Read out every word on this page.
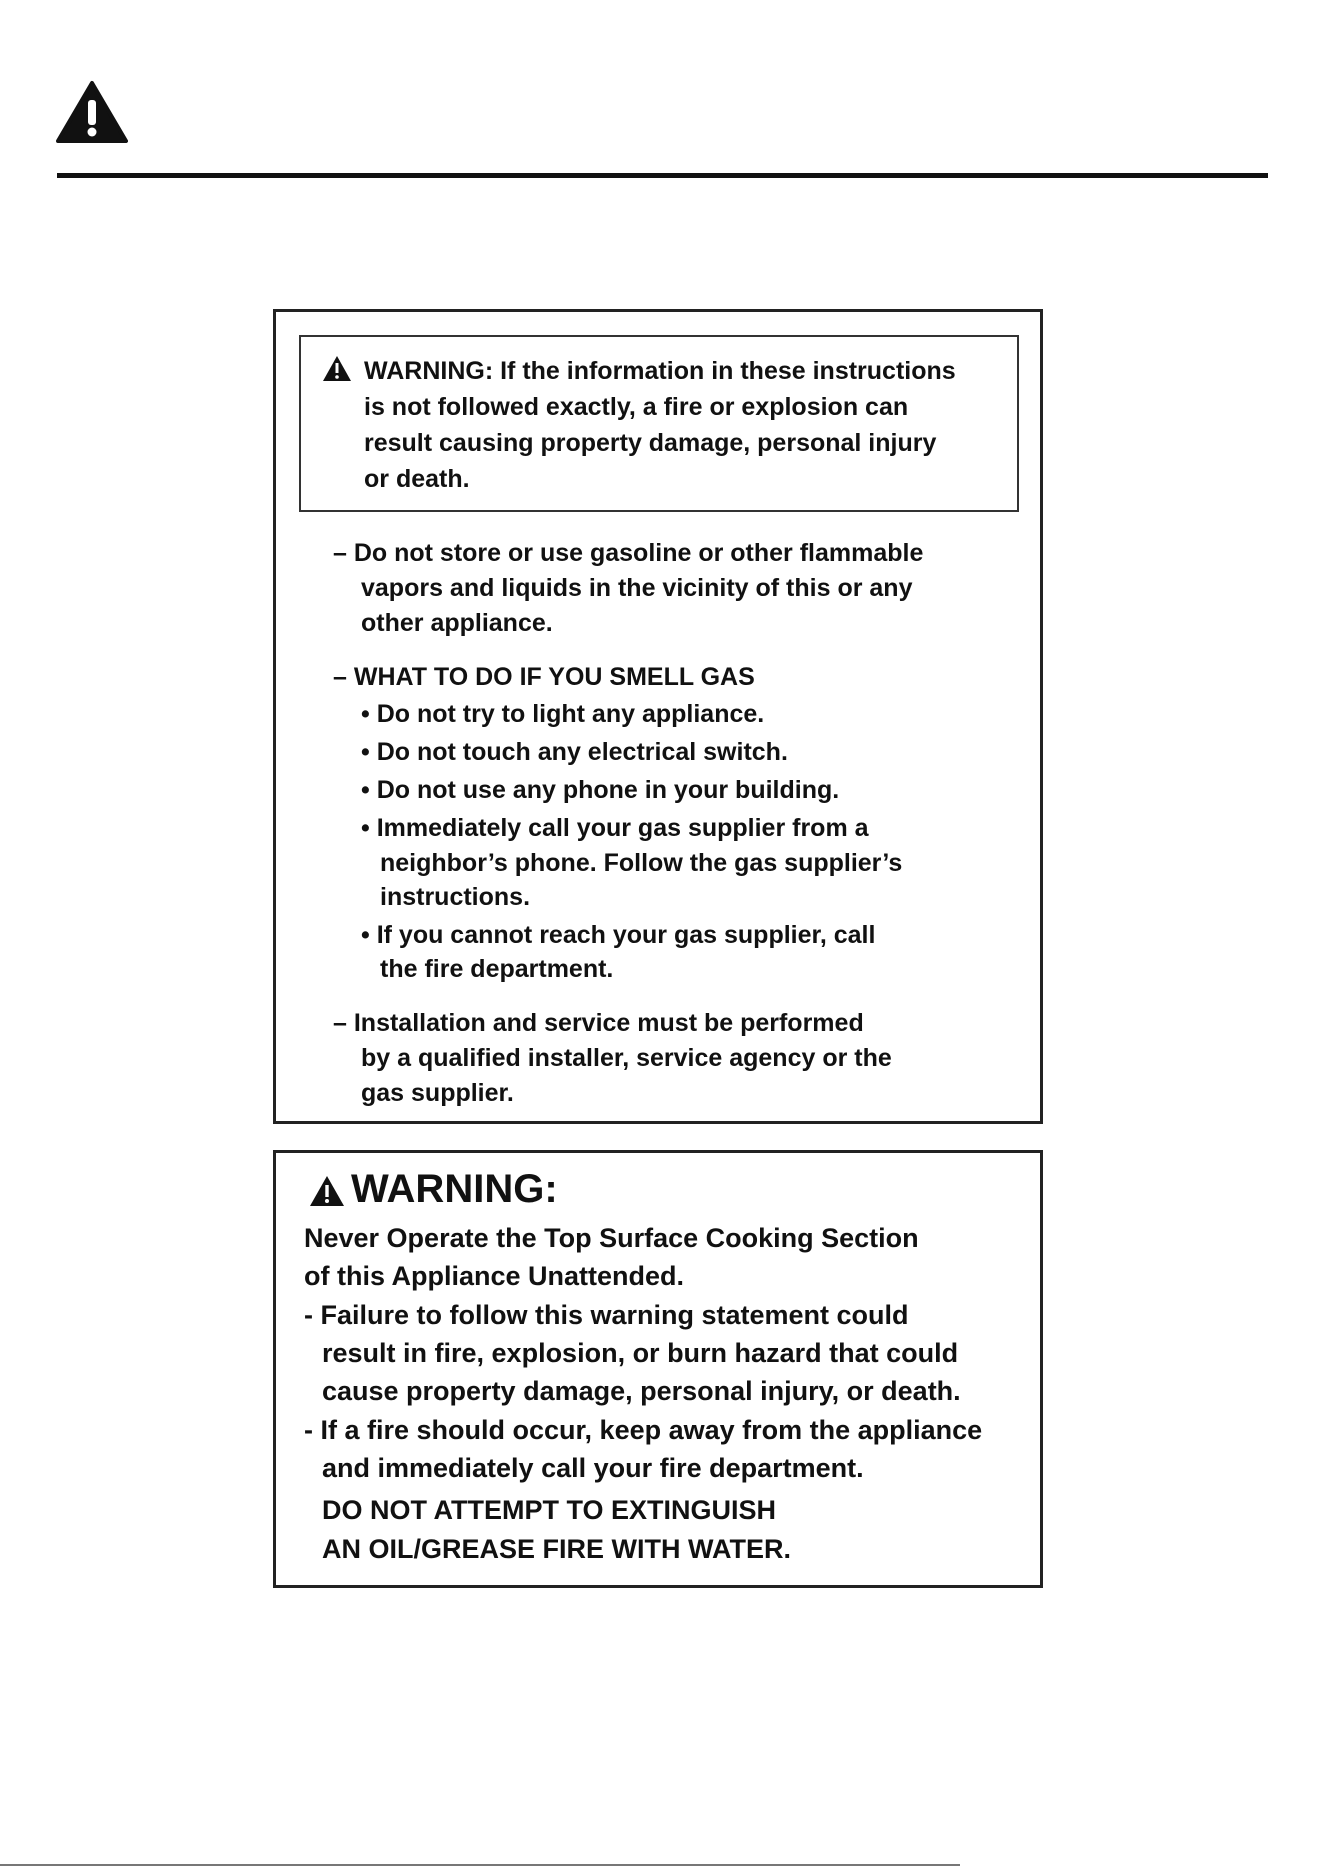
WARNING: If the information in these instructions
is not followed exactly, a fire or explosion can
result causing property damage, personal injury
or death.
– Do not store or use gasoline or other flammable
vapors and liquids in the vicinity of this or any
other appliance.
– WHAT TO DO IF YOU SMELL GAS
• Do not try to light any appliance.
• Do not touch any electrical switch.
• Do not use any phone in your building.
• Immediately call your gas supplier from a
neighbor’s phone. Follow the gas supplier’s
instructions.
• If you cannot reach your gas supplier, call
the fire department.
– Installation and service must be performed
by a qualified installer, service agency or the
gas supplier.
WARNING:
Never Operate the Top Surface Cooking Section
of this Appliance Unattended.
- Failure to follow this warning statement could
result in fire, explosion, or burn hazard that could
cause property damage, personal injury, or death.
- If a fire should occur, keep away from the appliance
and immediately call your fire department.
DO NOT ATTEMPT TO EXTINGUISH
AN OIL/GREASE FIRE WITH WATER.
